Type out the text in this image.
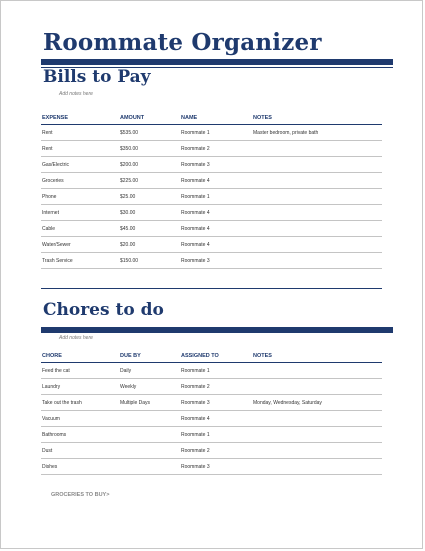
Roommate Organizer
Bills to Pay
Add notes here
EXPENSE	AMOUNT	NAME	NOTES
Rent	$535.00	Roommate 1	Master bedroom, private bath
Rent	$350.00	Roommate 2	
Gas/Electric	$200.00	Roommate 3	
Groceries	$225.00	Roommate 4	
Phone	$25.00	Roommate 1	
Internet	$30.00	Roommate 4	
Cable	$45.00	Roommate 4	
Water/Sewer	$20.00	Roommate 4	
Trash Service	$150.00	Roommate 3	
Chores to do
Add notes here
CHORE	DUE BY	ASSIGNED TO	NOTES
Feed the cat	Daily	Roommate 1	
Laundry	Weekly	Roommate 2	
Take out the trash	Multiple Days	Roommate 3	Monday, Wednesday, Saturday
Vacuum		Roommate 4	
Bathrooms		Roommate 1	
Dust		Roommate 2	
Dishes		Roommate 3	
GROCERIES TO BUY>
